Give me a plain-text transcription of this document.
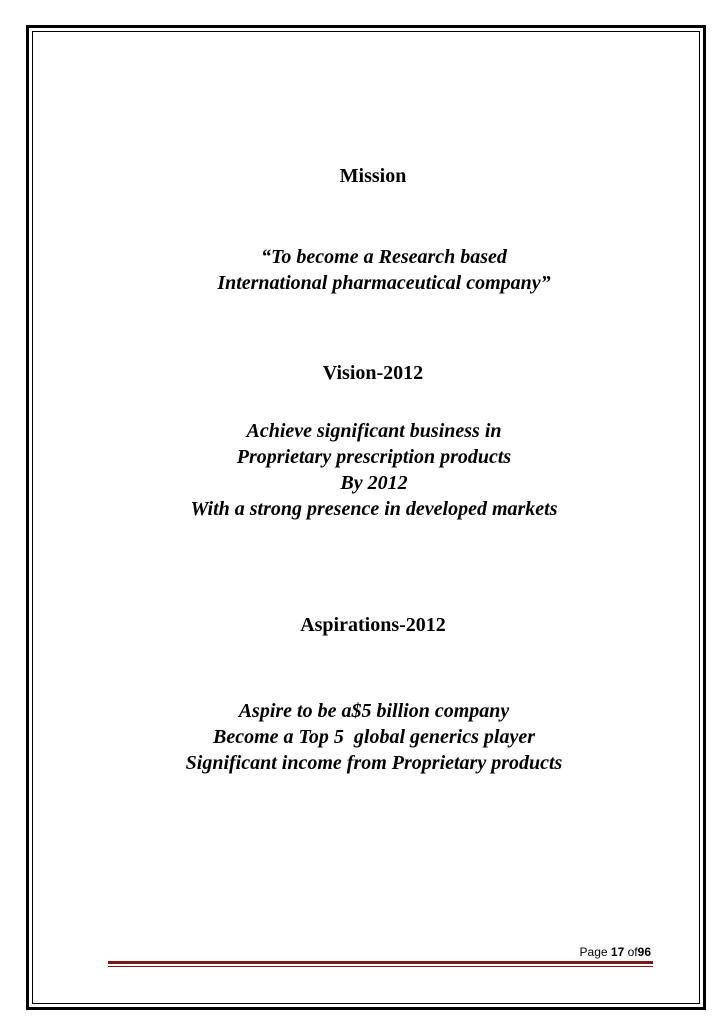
Mission
“To become a Research based
International pharmaceutical company”
Vision-2012
Achieve significant business in
Proprietary prescription products
By 2012
With a strong presence in developed markets
Aspirations-2012
Aspire to be a$5 billion company
Become a Top 5  global generics player
Significant income from Proprietary products
Page 17 of96
